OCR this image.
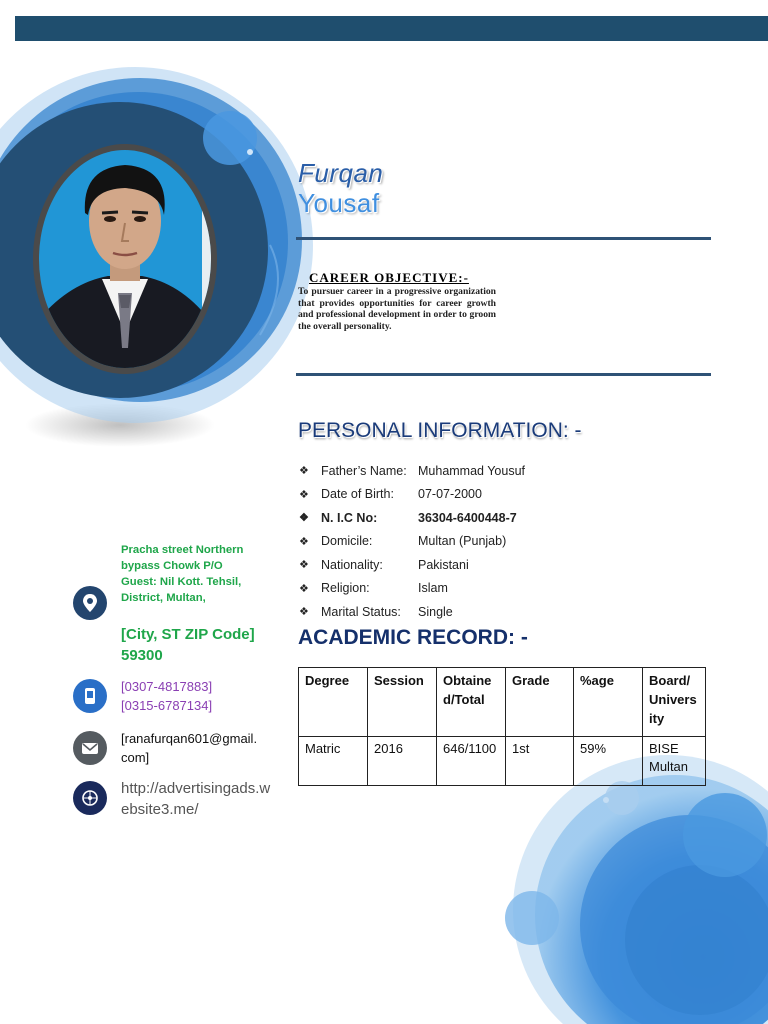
Furqan
Yousaf
CAREER OBJECTIVE:-
To pursuer career in a progressive organization that provides opportunities for career growth and professional development in order to groom the overall personality.
PERSONAL INFORMATION: -
❖ Father’s Name: Muhammad Yousuf
❖ Date of Birth:	07-07-2000
❖ N. I.C No:	36304-6400448-7
❖ Domicile:	Multan (Punjab)
❖ Nationality:	Pakistani
❖ Religion:	Islam
❖ Marital Status:	Single
ACADEMIC RECORD: -
Degree	Session	Obtained/Total	Grade	%age	Board/University
Matric	2016	646/1100	1st	59%	BISE Multan
Pracha street Northern bypass Chowk P/O Guest: Nil Kott. Tehsil, District, Multan,
[City, ST ZIP Code] 59300
[0307-4817883]
[0315-6787134]
[ranafurqan601@gmail.com]
http://advertisingads.website3.me/
